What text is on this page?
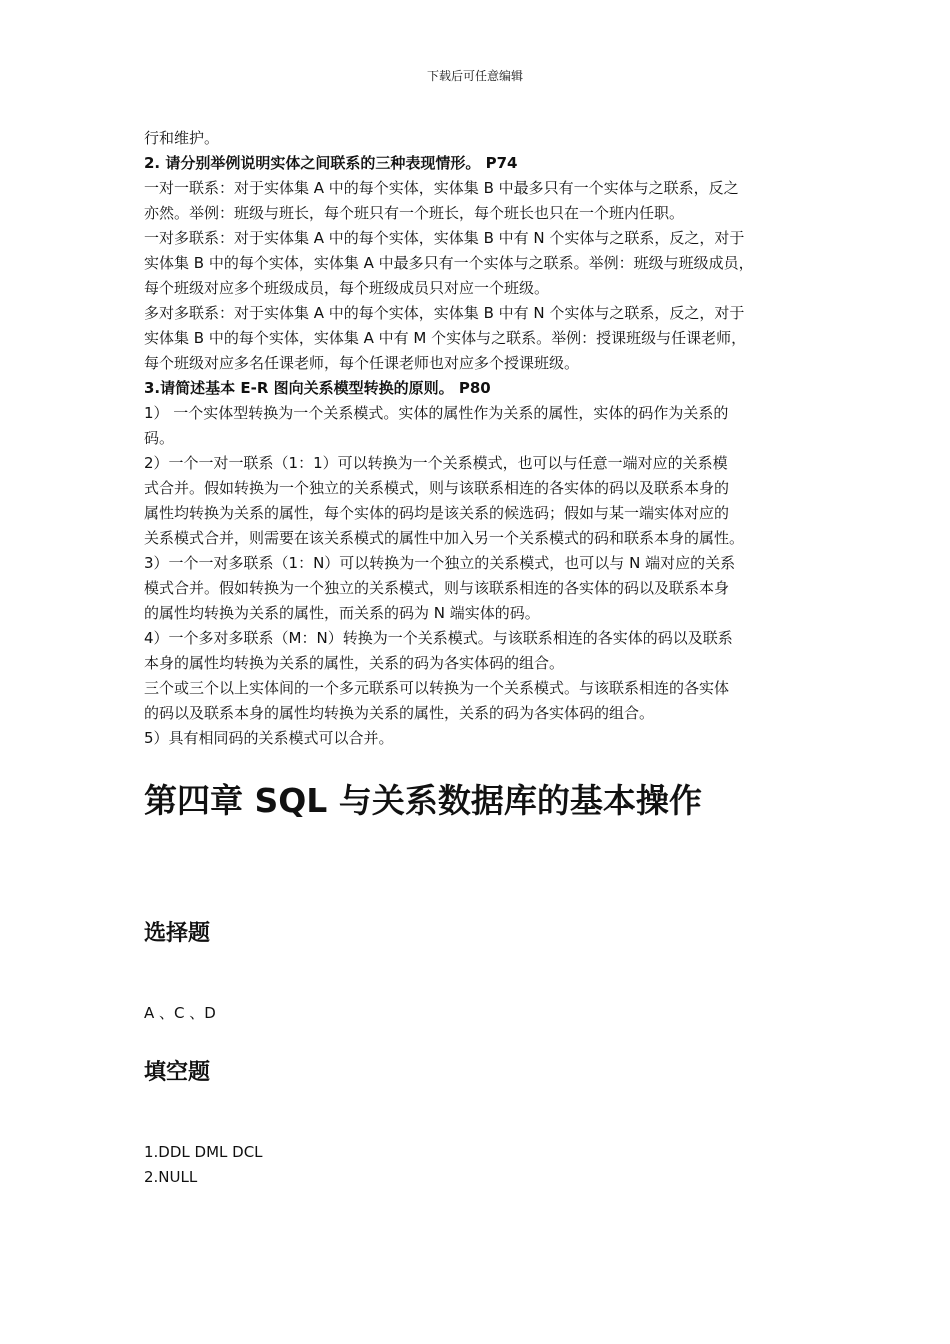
下载后可任意编辑

行和维护。

2. 请分别举例说明实体之间联系的三种表现情形。 P74

一对一联系：对于实体集 A 中的每个实体，实体集 B 中最多只有一个实体与之联系，反之

亦然。举例：班级与班长，每个班只有一个班长，每个班长也只在一个班内任职。

一对多联系：对于实体集 A 中的每个实体，实体集 B 中有 N 个实体与之联系，反之，对于

实体集 B 中的每个实体，实体集 A 中最多只有一个实体与之联系。举例：班级与班级成员，

每个班级对应多个班级成员，每个班级成员只对应一个班级。

多对多联系：对于实体集 A 中的每个实体，实体集 B 中有 N 个实体与之联系，反之，对于

实体集 B 中的每个实体，实体集 A 中有 M 个实体与之联系。举例：授课班级与任课老师，

每个班级对应多名任课老师，每个任课老师也对应多个授课班级。

3.请简述基本 E-R 图向关系模型转换的原则。 P80

1） 一个实体型转换为一个关系模式。实体的属性作为关系的属性，实体的码作为关系的

码。

2）一个一对一联系（1：1）可以转换为一个关系模式，也可以与任意一端对应的关系模

式合并。假如转换为一个独立的关系模式，则与该联系相连的各实体的码以及联系本身的

属性均转换为关系的属性，每个实体的码均是该关系的候选码；假如与某一端实体对应的

关系模式合并，则需要在该关系模式的属性中加入另一个关系模式的码和联系本身的属性。

3）一个一对多联系（1：N）可以转换为一个独立的关系模式，也可以与 N 端对应的关系

模式合并。假如转换为一个独立的关系模式，则与该联系相连的各实体的码以及联系本身

的属性均转换为关系的属性，而关系的码为 N 端实体的码。

4）一个多对多联系（M：N）转换为一个关系模式。与该联系相连的各实体的码以及联系

本身的属性均转换为关系的属性，关系的码为各实体码的组合。

三个或三个以上实体间的一个多元联系可以转换为一个关系模式。与该联系相连的各实体

的码以及联系本身的属性均转换为关系的属性，关系的码为各实体码的组合。

5）具有相同码的关系模式可以合并。

第四章 SQL 与关系数据库的基本操作
选择题

A 、C 、D

填空题

1.DDL DML DCL

2.NULL
